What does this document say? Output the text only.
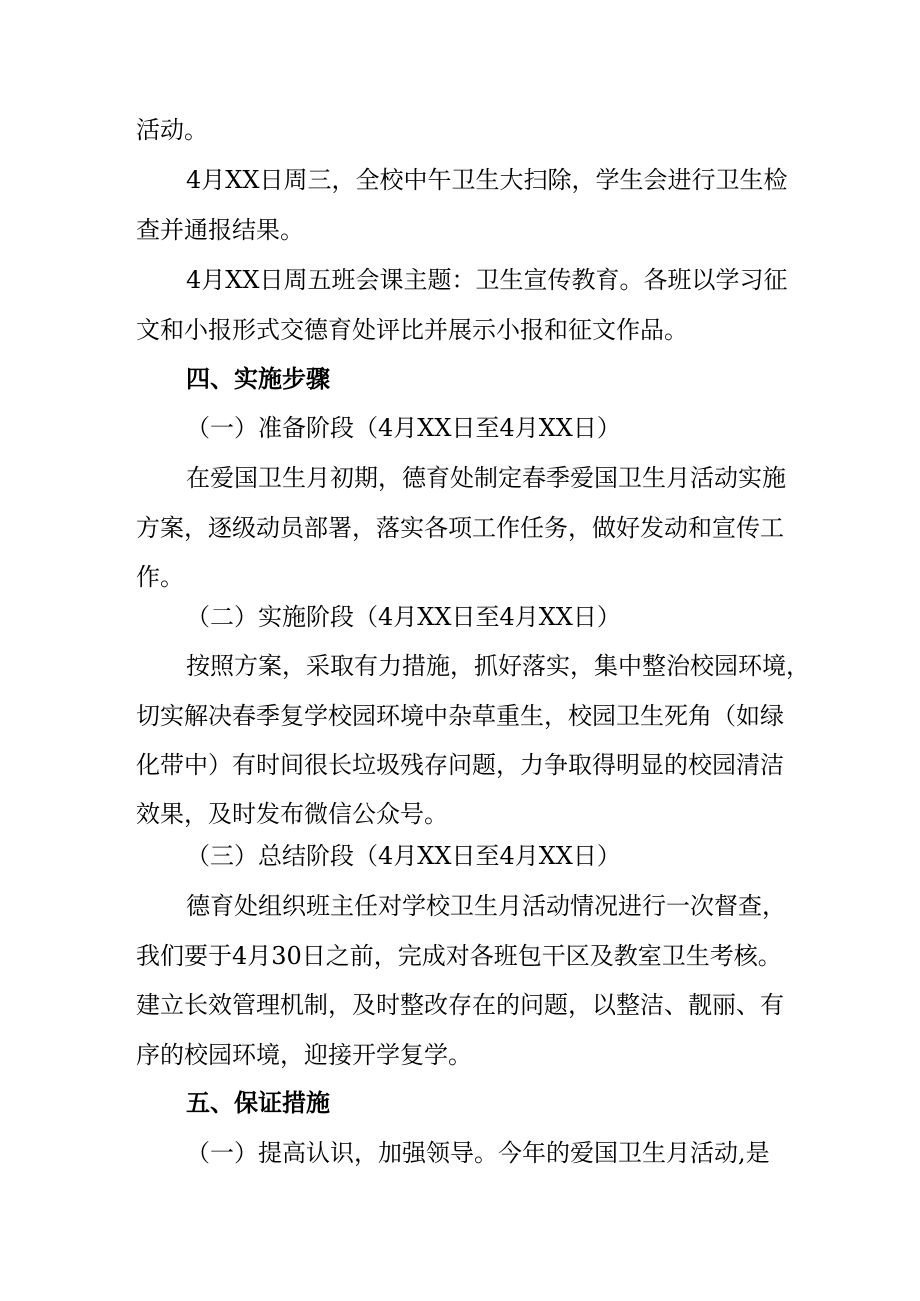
活动。
4月XX日周三，全校中午卫生大扫除，学生会进行卫生检
查并通报结果。
4月XX日周五班会课主题：卫生宣传教育。各班以学习征
文和小报形式交德育处评比并展示小报和征文作品。
四、实施步骤
（一）准备阶段（4月XX日至4月XX日）
在爱国卫生月初期，德育处制定春季爱国卫生月活动实施
方案，逐级动员部署，落实各项工作任务，做好发动和宣传工
作。
（二）实施阶段（4月XX日至4月XX日）
按照方案，采取有力措施，抓好落实，集中整治校园环境，
切实解决春季复学校园环境中杂草重生，校园卫生死角（如绿
化带中）有时间很长垃圾残存问题，力争取得明显的校园清洁
效果，及时发布微信公众号。
（三）总结阶段（4月XX日至4月XX日）
德育处组织班主任对学校卫生月活动情况进行一次督查，
我们要于4月30日之前，完成对各班包干区及教室卫生考核。
建立长效管理机制，及时整改存在的问题，以整洁、靓丽、有
序的校园环境，迎接开学复学。
五、保证措施
（一）提高认识，加强领导。今年的爱国卫生月活动,是
